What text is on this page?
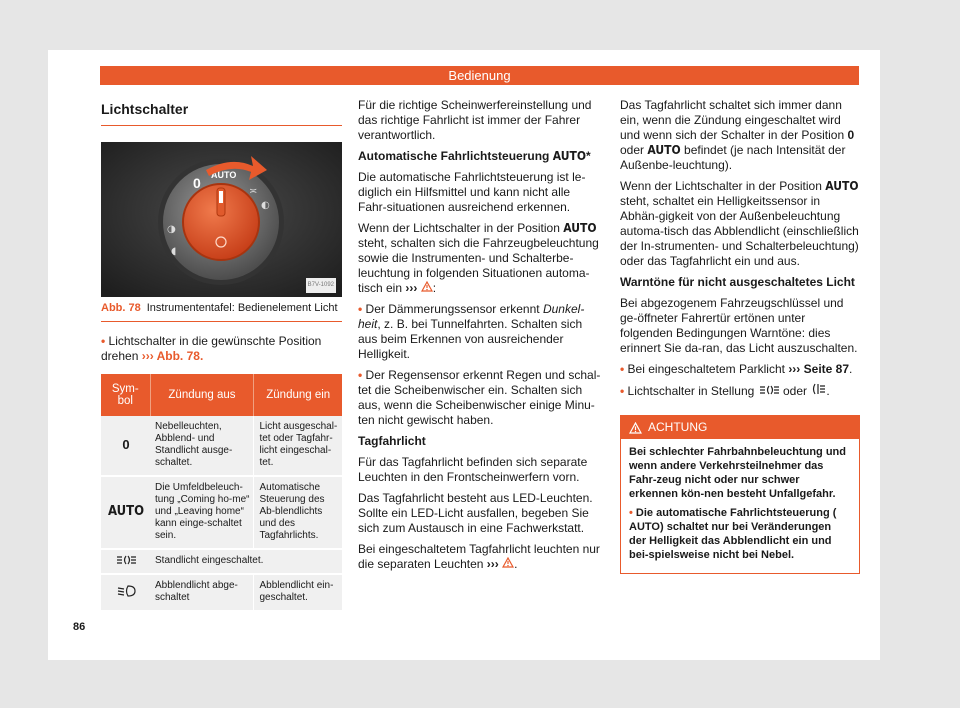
Bedienung
Lichtschalter
0 AUTO
≍
◐
◑
◖
B7V-1092
Abb. 78 Instrumententafel: Bedienelement Licht

• Lichtschalter in die gewünschte Position drehen ››› Abb. 78.

Sym-bol	Zündung aus	Zündung ein
0	Nebelleuchten, Abblend- und Standlicht ausge-schaltet.	Licht ausgeschal-tet oder Tagfahr-licht eingeschal-tet.
AUTO	Die Umfeldbeleuch-tung „Coming ho-me“ und „Leaving home“ kann einge-schaltet sein.	Automatische Steuerung des Ab-blendlichts und des Tagfahrlichts.
	Standlicht eingeschaltet.	
	Abblendlicht abge-schaltet	Abblendlicht ein-geschaltet.

Für die richtige Scheinwerfereinstellung und das richtige Fahrlicht ist immer der Fahrer verantwortlich.

Automatische Fahrlichtsteuerung AUTO*

Die automatische Fahrlichtsteuerung ist le-diglich ein Hilfsmittel und kann nicht alle Fahr-situationen ausreichend erkennen.

Wenn der Lichtschalter in der Position AUTO steht, schalten sich die Fahrzeugbeleuchtung sowie die Instrumenten- und Schalterbe-leuchtung in folgenden Situationen automa-tisch ein ››› :

• Der Dämmerungssensor erkennt Dunkel-heit, z. B. bei Tunnelfahrten. Schalten sich aus beim Erkennen von ausreichender Helligkeit.

• Der Regensensor erkennt Regen und schal-tet die Scheibenwischer ein. Schalten sich aus, wenn die Scheibenwischer einige Minu-ten nicht gewischt haben.

Tagfahrlicht

Für das Tagfahrlicht befinden sich separate Leuchten in den Frontscheinwerfern vorn.

Das Tagfahrlicht besteht aus LED-Leuchten. Sollte ein LED-Licht ausfallen, begeben Sie sich zum Austausch in eine Fachwerkstatt.

Bei eingeschaltetem Tagfahrlicht leuchten nur die separaten Leuchten ››› .

Das Tagfahrlicht schaltet sich immer dann ein, wenn die Zündung eingeschaltet wird und wenn sich der Schalter in der Position 0 oder AUTO befindet (je nach Intensität der Außenbe-leuchtung).

Wenn der Lichtschalter in der Position AUTO steht, schaltet ein Helligkeitssensor in Abhän-gigkeit von der Außenbeleuchtung automa-tisch das Abblendlicht (einschließlich der In-strumenten- und Schalterbeleuchtung) oder das Tagfahrlicht ein und aus.

Warntöne für nicht ausgeschaltetes Licht

Bei abgezogenem Fahrzeugschlüssel und ge-öffneter Fahrertür ertönen unter folgenden Bedingungen Warntöne: dies erinnert Sie da-ran, das Licht auszuschalten.

• Bei eingeschaltetem Parklicht ››› Seite 87.

• Lichtschalter in Stellung oder .

ACHTUNG

Bei schlechter Fahrbahnbeleuchtung und wenn andere Verkehrsteilnehmer das Fahr-zeug nicht oder nur schwer erkennen kön-nen besteht Unfallgefahr.

• Die automatische Fahrlichtsteuerung ( AUTO) schaltet nur bei Veränderungen der Helligkeit das Abblendlicht ein und bei-spielsweise nicht bei Nebel.

86
